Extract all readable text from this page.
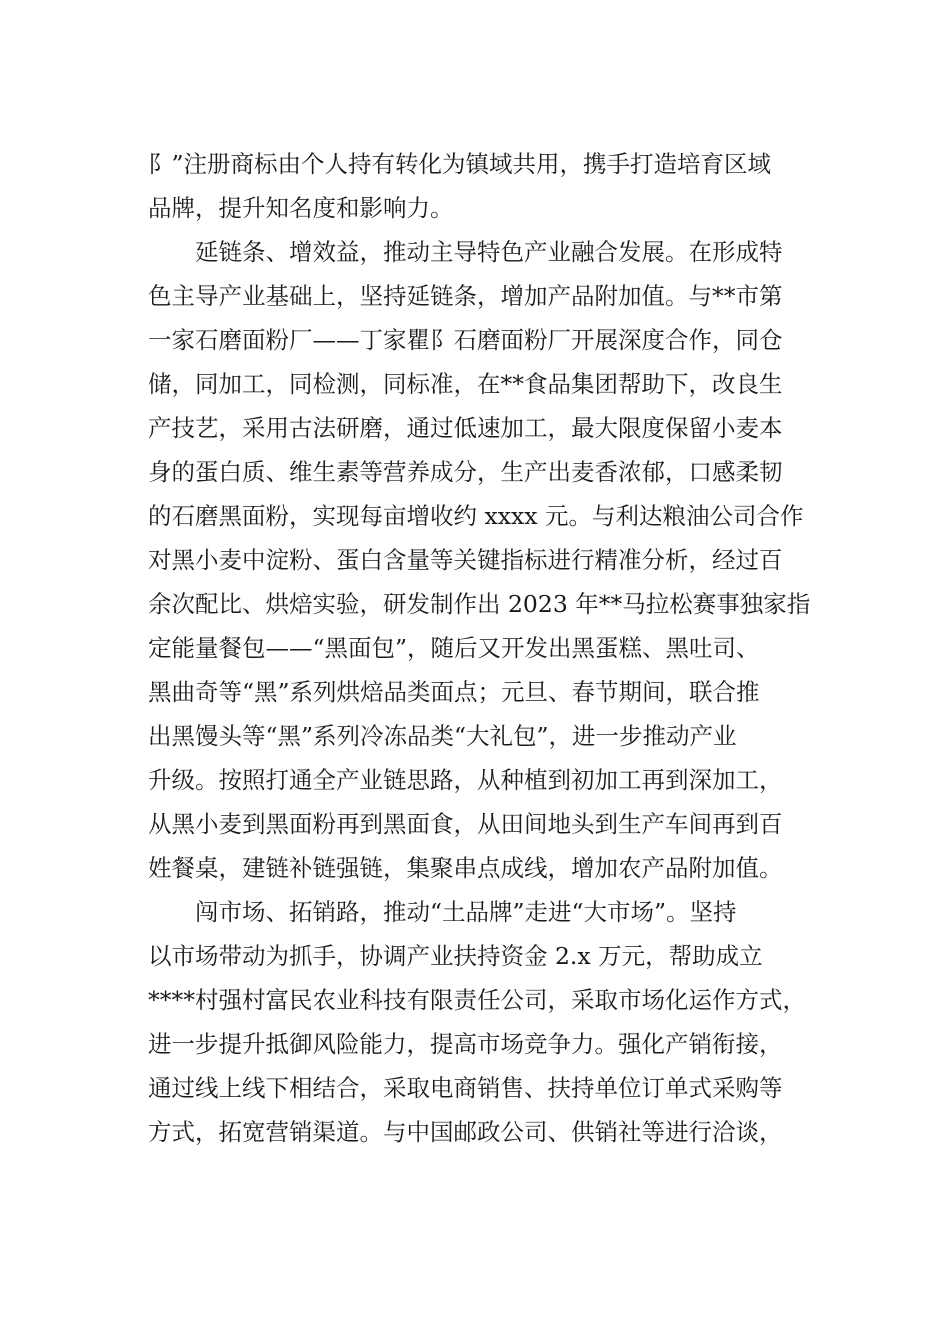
阝”注册商标由个人持有转化为镇域共用，携手打造培育区域
品牌，提升知名度和影响力。
　　延链条、增效益，推动主导特色产业融合发展。在形成特
色主导产业基础上，坚持延链条，增加产品附加值。与**市第
一家石磨面粉厂——丁家瞿阝石磨面粉厂开展深度合作，同仓
储，同加工，同检测，同标准，在**食品集团帮助下，改良生
产技艺，采用古法研磨，通过低速加工，最大限度保留小麦本
身的蛋白质、维生素等营养成分，生产出麦香浓郁，口感柔韧
的石磨黑面粉，实现每亩增收约 xxxx 元。与利达粮油公司合作
对黑小麦中淀粉、蛋白含量等关键指标进行精准分析，经过百
余次配比、烘焙实验，研发制作出 2023 年**马拉松赛事独家指
定能量餐包——“黑面包”，随后又开发出黑蛋糕、黑吐司、
黑曲奇等“黑”系列烘焙品类面点；元旦、春节期间，联合推
出黑馒头等“黑”系列冷冻品类“大礼包”，进一步推动产业
升级。按照打通全产业链思路，从种植到初加工再到深加工，
从黑小麦到黑面粉再到黑面食，从田间地头到生产车间再到百
姓餐桌，建链补链强链，集聚串点成线，增加农产品附加值。
　　闯市场、拓销路，推动“土品牌”走进“大市场”。坚持
以市场带动为抓手，协调产业扶持资金 2.x 万元，帮助成立
****村强村富民农业科技有限责任公司，采取市场化运作方式，
进一步提升抵御风险能力，提高市场竞争力。强化产销衔接，
通过线上线下相结合，采取电商销售、扶持单位订单式采购等
方式，拓宽营销渠道。与中国邮政公司、供销社等进行洽谈，
